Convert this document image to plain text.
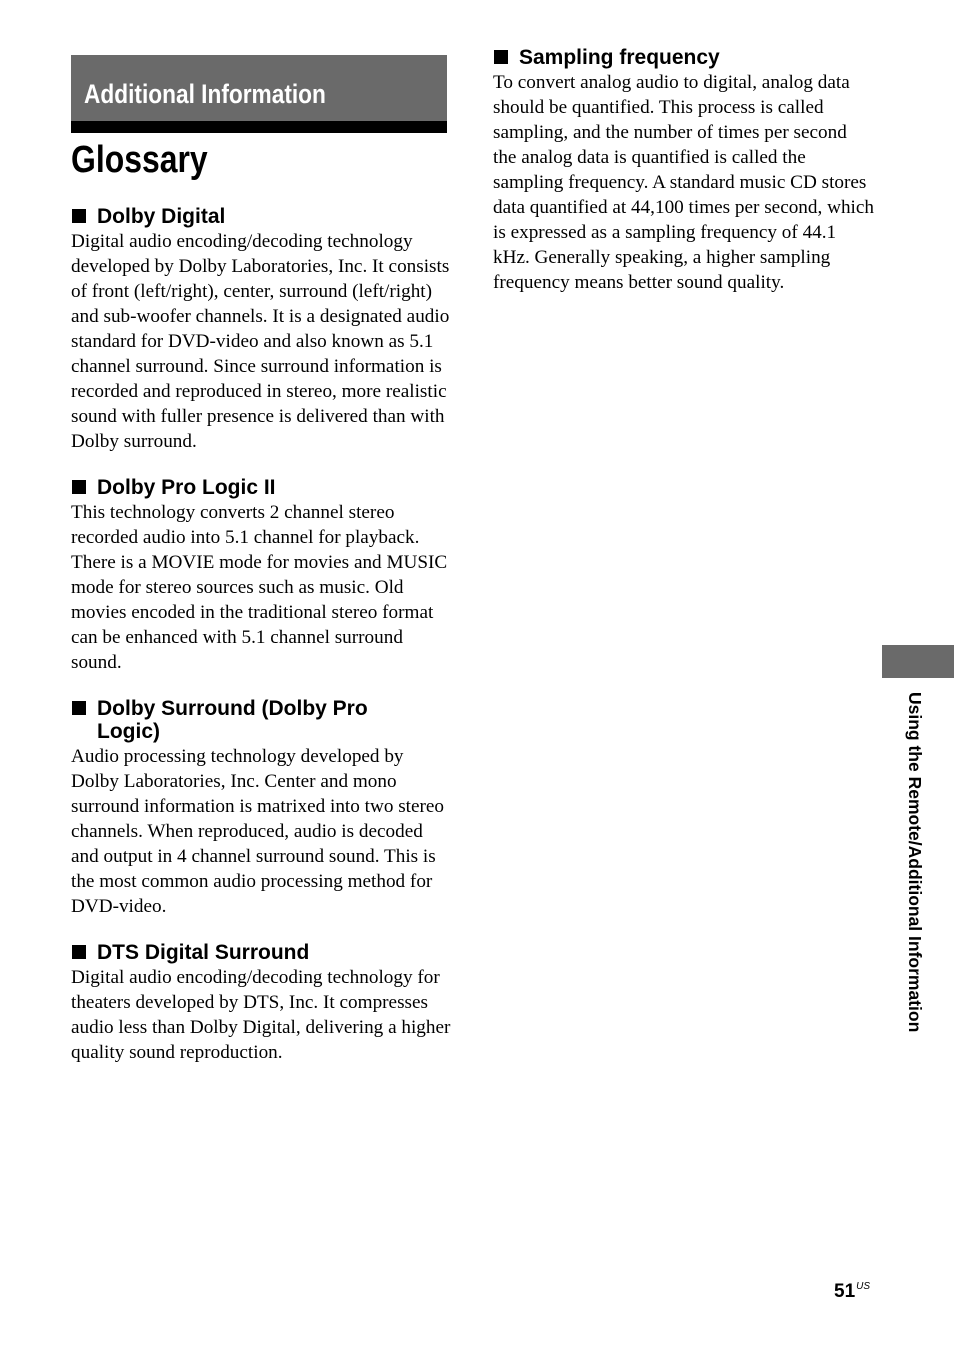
Additional Information
Glossary
Dolby Digital

Digital audio encoding/decoding technology developed by Dolby Laboratories, Inc. It consists of front (left/right), center, surround (left/right) and sub-woofer channels. It is a designated audio standard for DVD-video and also known as 5.1 channel surround. Since surround information is recorded and reproduced in stereo, more realistic sound with fuller presence is delivered than with Dolby surround.

Dolby Pro Logic II

This technology converts 2 channel stereo recorded audio into 5.1 channel for playback. There is a MOVIE mode for movies and MUSIC mode for stereo sources such as music. Old movies encoded in the traditional stereo format can be enhanced with 5.1 channel surround sound.

Dolby Surround (Dolby Pro Logic)

Audio processing technology developed by Dolby Laboratories, Inc. Center and mono surround information is matrixed into two stereo channels. When reproduced, audio is decoded and output in 4 channel surround sound. This is the most common audio processing method for DVD-video.

DTS Digital Surround

Digital audio encoding/decoding technology for theaters developed by DTS, Inc. It compresses audio less than Dolby Digital, delivering a higher quality sound reproduction.

Sampling frequency

To convert analog audio to digital, analog data should be quantified. This process is called sampling, and the number of times per second the analog data is quantified is called the sampling frequency. A standard music CD stores data quantified at 44,100 times per second, which is expressed as a sampling frequency of 44.1 kHz. Generally speaking, a higher sampling frequency means better sound quality.

Using the Remote/Additional Information
$51^{US}$
